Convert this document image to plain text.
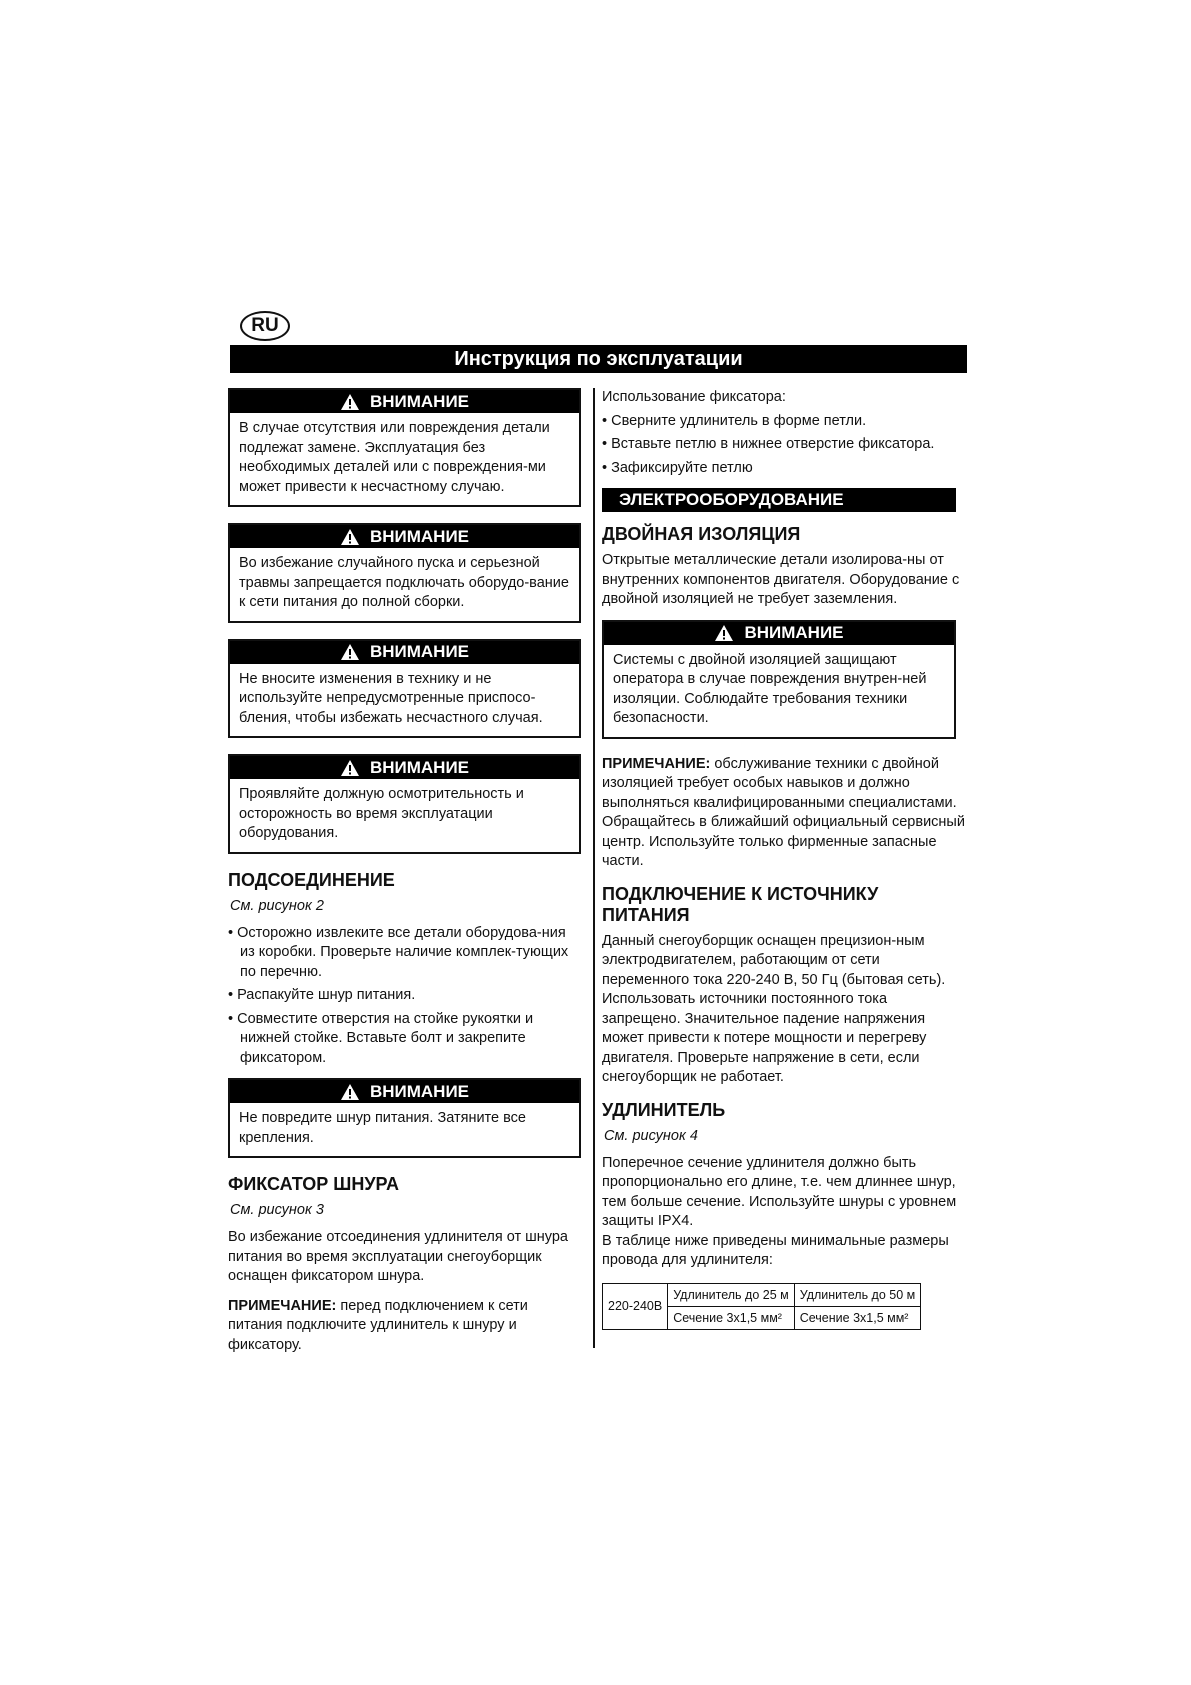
RU
Инструкция по эксплуатации
ВНИМАНИЕ
В случае отсутствия или повреждения детали подлежат замене. Эксплуатация без необходимых деталей или с повреждения-ми может привести к несчастному случаю.
ВНИМАНИЕ
Во избежание случайного пуска и серьезной травмы запрещается подключать оборудо-вание к сети питания до полной сборки.
ВНИМАНИЕ
Не вносите изменения в технику и не используйте непредусмотренные приспосо-бления, чтобы избежать несчастного случая.
ВНИМАНИЕ
Проявляйте должную осмотрительность и осторожность во время эксплуатации оборудования.
ПОДСОЕДИНЕНИЕ
См. рисунок 2
• Осторожно извлеките все детали оборудова-ния из коробки. Проверьте наличие комплек-тующих по перечню.
• Распакуйте шнур питания.
• Совместите отверстия на стойке рукоятки и нижней стойке. Вставьте болт и закрепите фиксатором.
ВНИМАНИЕ
Не повредите шнур питания. Затяните все крепления.
ФИКСАТОР ШНУРА
См. рисунок 3

Во избежание отсоединения удлинителя от шнура питания во время эксплуатации снегоуборщик оснащен фиксатором шнура.

ПРИМЕЧАНИЕ: перед подключением к сети питания подключите удлинитель к шнуру и фиксатору.

Использование фиксатора:

• Сверните удлинитель в форме петли.
• Вставьте петлю в нижнее отверстие фиксатора.
• Зафиксируйте петлю
ЭЛЕКТРООБОРУДОВАНИЕ
ДВОЙНАЯ ИЗОЛЯЦИЯ

Открытые металлические детали изолирова-ны от внутренних компонентов двигателя. Оборудование с двойной изоляцией не требует заземления.

ВНИМАНИЕ
Системы с двойной изоляцией защищают оператора в случае повреждения внутрен-ней изоляции. Соблюдайте требования техники безопасности.

ПРИМЕЧАНИЕ: обслуживание техники с двойной изоляцией требует особых навыков и должно выполняться квалифицированными специалистами. Обращайтесь в ближайший официальный сервисный центр. Используйте только фирменные запасные части.

ПОДКЛЮЧЕНИЕ К ИСТОЧНИКУ ПИТАНИЯ

Данный снегоуборщик оснащен прецизион-ным электродвигателем, работающим от сети переменного тока 220-240 В, 50 Гц (бытовая сеть). Использовать источники постоянного тока запрещено. Значительное падение напряжения может привести к потере мощности и перегреву двигателя. Проверьте напряжение в сети, если снегоуборщик не работает.

УДЛИНИТЕЛЬ
См. рисунок 4

Поперечное сечение удлинителя должно быть пропорционально его длине, т.е. чем длиннее шнур, тем больше сечение. Используйте шнуры с уровнем защиты IPX4.

В таблице ниже приведены минимальные размеры провода для удлинителя:

220-240В	Удлинитель до 25 м	Удлинитель до 50 м
	Сечение 3х1,5 мм²	Сечение 3х1,5 мм²
